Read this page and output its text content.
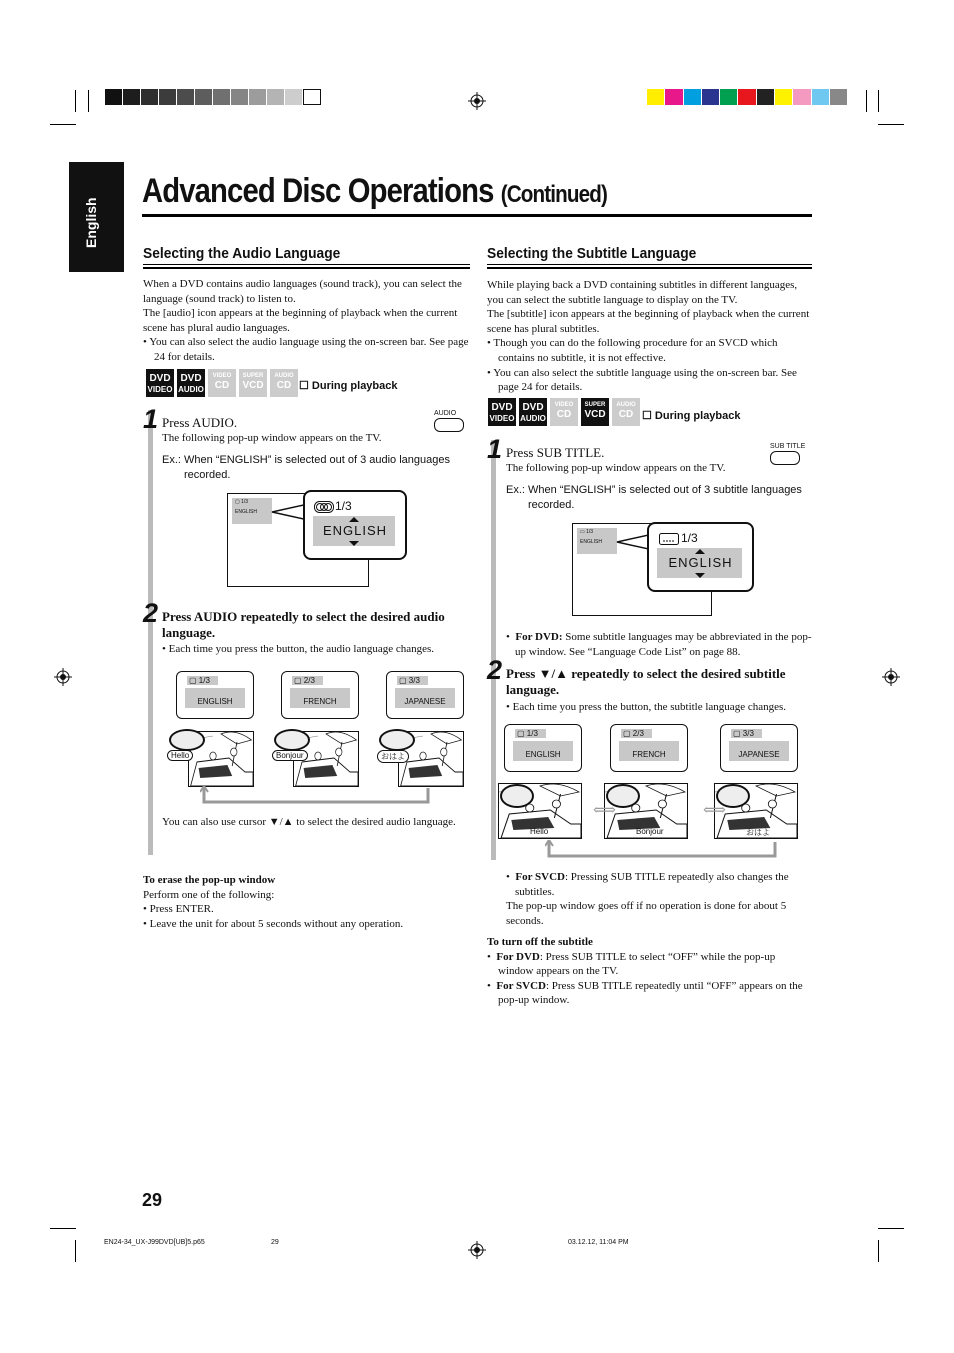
English
Advanced Disc Operations (Continued)
Selecting the Audio Language

When a DVD contains audio languages (sound track), you can select the language (sound track) to listen to.

The [audio] icon appears at the beginning of playback when the current scene has plural audio languages.

• You can also select the audio language using the on-screen bar. See page 24 for details.

DVD
VIDEO
DVD
AUDIO
VIDEO
CD
SUPER
VCD
AUDIO
CD ☐ During playback
1 Press AUDIO.
AUDIO
The following pop-up window appears on the TV.
Ex.: When “ENGLISH” is selected out of 3 audio languages recorded.
▢ 1/3
ENGLISH	1/3
ENGLISH
2 Press AUDIO repeatedly to select the desired audio language.
• Each time you press the button, the audio language changes.
▢ 1/3
ENGLISH
Hello
▢ 2/3
FRENCH
Bonjour
▢ 3/3
JAPANESE
おはよ
You can also use cursor ▼/▲ to select the desired audio language.

To erase the pop-up window

Perform one of the following:

• Press ENTER.

• Leave the unit for about 5 seconds without any operation.

Selecting the Subtitle Language

While playing back a DVD containing subtitles in different languages, you can select the subtitle language to display on the TV.

The [subtitle] icon appears at the beginning of playback when the current scene has plural subtitles.

• Though you can do the following procedure for an SVCD which contains no subtitle, it is not effective.

• You can also select the subtitle language using the on-screen bar. See page 24 for details.

DVD
VIDEO
DVD
AUDIO
VIDEO
CD
SUPER
VCD
AUDIO
CD ☐ During playback
1 Press SUB TITLE.	SUB TITLE
The following pop-up window appears on the TV.
Ex.: When “ENGLISH” is selected out of 3 subtitle languages recorded.
▭ 1/3
ENGLISH	1/3
ENGLISH
•  For DVD: Some subtitle languages may be abbreviated in the pop-up window. See “Language Code List” on page 88.
2 Press ▼/▲ repeatedly to select the desired subtitle language.
• Each time you press the button, the subtitle language changes.
▢ 1/3
ENGLISH
Hello
▢ 2/3
FRENCH
Bonjour
▢ 3/3
JAPANESE
おはよ
⟺	⟺

•  For SVCD: Pressing SUB TITLE repeatedly also changes the subtitles.

The pop-up window goes off if no operation is done for about 5 seconds.

To turn off the subtitle

•  For DVD: Press SUB TITLE to select “OFF” while the pop-up window appears on the TV.

•  For SVCD: Press SUB TITLE repeatedly until “OFF” appears on the pop-up window.

29
EN24-34_UX-J99DVD[UB]5.p65	29	03.12.12, 11:04 PM
